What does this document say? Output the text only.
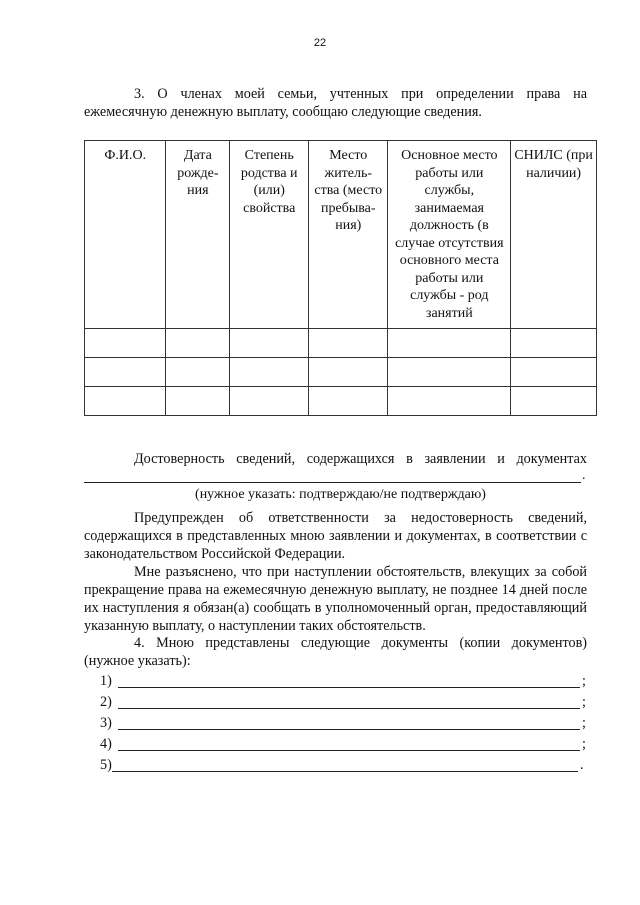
22
3. О членах моей семьи, учтенных при определении права на ежемесячную денежную выплату, сообщаю следующие сведения.
Ф.И.О.	Дата рожде-ния	Степень родства и (или) свойства	Место житель-ства (место пребыва-ния)	Основное место работы или службы, занимаемая должность (в случае отсутствия основного места работы или службы - род занятий	СНИЛС (при наличии)

Достоверность сведений, содержащихся в заявлении и документах
.
(нужное указать: подтверждаю/не подтверждаю)
Предупрежден об ответственности за недостоверность сведений, содержащихся в представленных мною заявлении и документах, в соответствии с законодательством Российской Федерации.
Мне разъяснено, что при наступлении обстоятельств, влекущих за собой прекращение права на ежемесячную денежную выплату, не позднее 14 дней после их наступления я обязан(а) сообщать в уполномоченный орган, предоставляющий указанную выплату, о наступлении таких обстоятельств.
4. Мною представлены следующие документы (копии документов) (нужное указать):
1)	;
2)	;
3)	;
4)	;
5)	.
